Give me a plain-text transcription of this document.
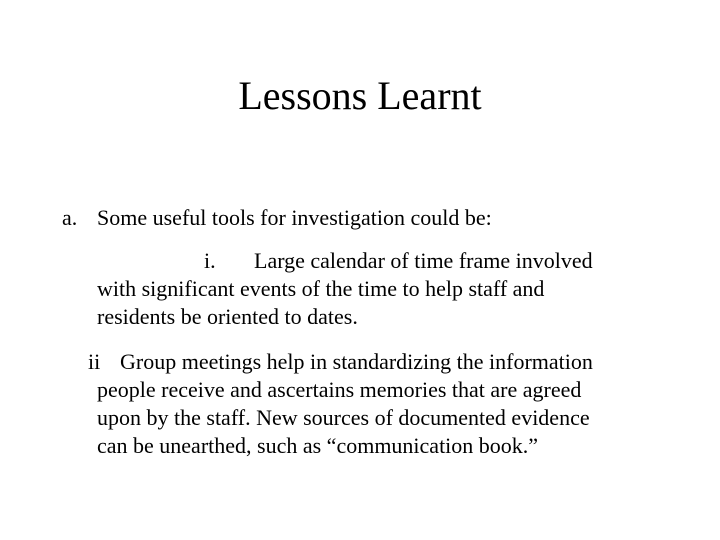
Lessons Learnt
a. Some useful tools for investigation could be:
i. Large calendar of time frame involved
with significant events of the time to help staff and
residents be oriented to dates.
ii Group meetings help in standardizing the information
people receive and ascertains memories that are agreed
upon by the staff. New sources of documented evidence
can be unearthed, such as “communication book.”
